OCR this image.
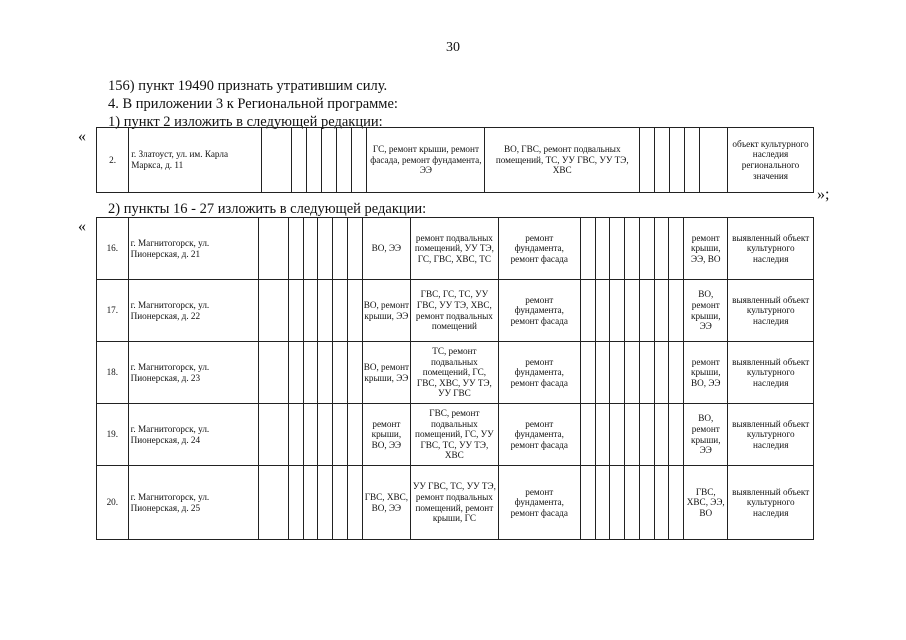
30
156) пункт 19490 признать утратившим силу.
4. В приложении 3 к Региональной программе:
1) пункт 2 изложить в следующей редакции:
2) пункты 16 - 27 изложить в следующей редакции:
«
»;
«
2.	г. Златоуст, ул. им. Карла Маркса, д. 11							ГС, ремонт крыши, ремонт фасада, ремонт фундамента, ЭЭ	ВО, ГВС, ремонт подвальных помещений, ТС, УУ ГВС, УУ ТЭ, ХВС						объект культурного наследия регионального значения
16.	г. Магнитогорск, ул. Пионерская, д. 21							ВО, ЭЭ	ремонт подвальных помещений, УУ ТЭ, ГС, ГВС, ХВС, ТС	ремонт фундамента, ремонт фасада								ремонт крыши, ЭЭ, ВО	выявленный объект культурного наследия
17.	г. Магнитогорск, ул. Пионерская, д. 22							ВО, ремонт крыши, ЭЭ	ГВС, ГС, ТС, УУ ГВС, УУ ТЭ, ХВС, ремонт подвальных помещений	ремонт фундамента, ремонт фасада								ВО, ремонт крыши, ЭЭ	выявленный объект культурного наследия
18.	г. Магнитогорск, ул. Пионерская, д. 23							ВО, ремонт крыши, ЭЭ	ТС, ремонт подвальных помещений, ГС, ГВС, ХВС, УУ ТЭ, УУ ГВС	ремонт фундамента, ремонт фасада								ремонт крыши, ВО, ЭЭ	выявленный объект культурного наследия
19.	г. Магнитогорск, ул. Пионерская, д. 24							ремонт крыши, ВО, ЭЭ	ГВС, ремонт подвальных помещений, ГС, УУ ГВС, ТС, УУ ТЭ, ХВС	ремонт фундамента, ремонт фасада								ВО, ремонт крыши, ЭЭ	выявленный объект культурного наследия
20.	г. Магнитогорск, ул. Пионерская, д. 25							ГВС, ХВС, ВО, ЭЭ	УУ ГВС, ТС, УУ ТЭ, ремонт подвальных помещений, ремонт крыши, ГС	ремонт фундамента, ремонт фасада								ГВС, ХВС, ЭЭ, ВО	выявленный объект культурного наследия
